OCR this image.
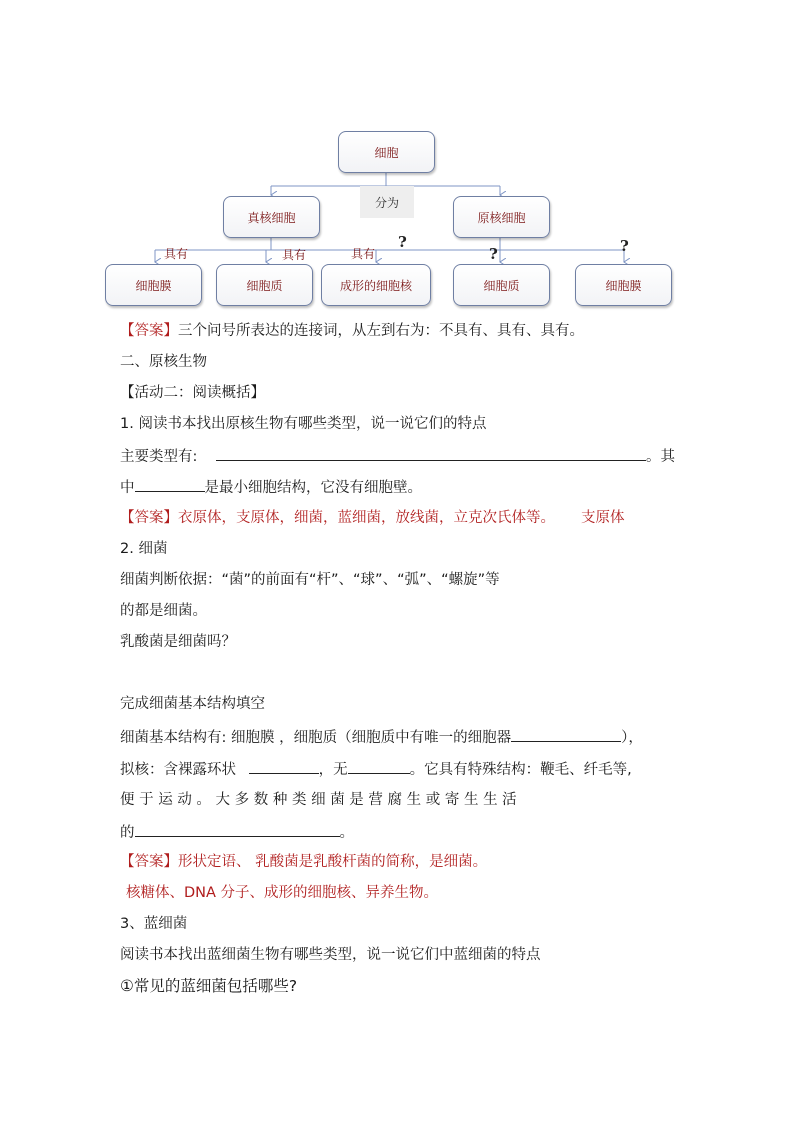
细胞
分为
真核细胞	原核细胞
细胞膜	细胞质	成形的细胞核	细胞质	细胞膜
具有	具有	具有
?
?	?
【答案】三个问号所表达的连接词，从左到右为：不具有、具有、具有。
二、原核生物
【活动二：阅读概括】
1. 阅读书本找出原核生物有哪些类型，说一说它们的特点
主要类型有:	。其
中	是最小细胞结构，它没有细胞壁。
【答案】衣原体，支原体，细菌，蓝细菌，放线菌，立克次氏体等。 支原体
2. 细菌
细菌判断依据：“菌”的前面有“杆”、“球”、“弧”、“螺旋”等
的都是细菌。
乳酸菌是细菌吗？
完成细菌基本结构填空
细菌基本结构有: 细胞膜 ，细胞质（细胞质中有唯一的细胞器	），
拟核：含裸露环状	，无	。它具有特殊结构：鞭毛、纤毛等,
便 于 运 动 。 大 多 数 种 类 细 菌 是 营 腐 生 或 寄 生 生 活
的	。
【答案】形状定语、 乳酸菌是乳酸杆菌的简称，是细菌。
核糖体、DNA 分子、成形的细胞核、异养生物。
3、蓝细菌
阅读书本找出蓝细菌生物有哪些类型，说一说它们中蓝细菌的特点
①常见的蓝细菌包括哪些?
